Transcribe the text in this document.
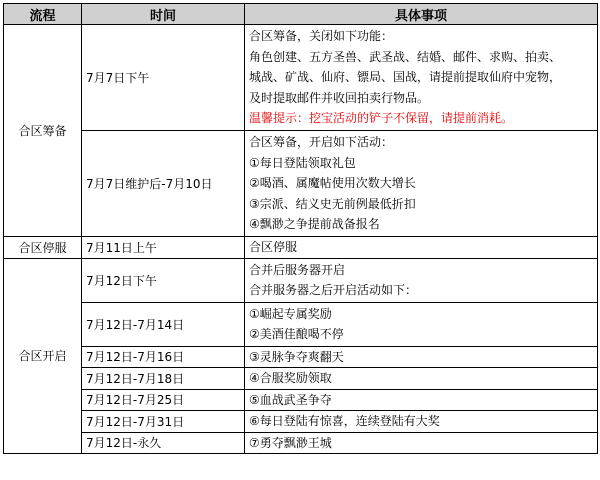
流程	时间	具体事项
合区筹备	7月7日下午	合区筹备，关闭如下功能：
角色创建、五方圣兽、武圣战、结婚、邮件、求购、拍卖、
城战、矿战、仙府、镖局、国战，请提前提取仙府中宠物，
及时提取邮件并收回拍卖行物品。
温馨提示：挖宝活动的铲子不保留，请提前消耗。

	7月7日维护后-7月10日	合区筹备，开启如下活动：
①每日登陆领取礼包
②喝酒、属魔帖使用次数大增长
③宗派、结义史无前例最低折扣
④飘渺之争提前战备报名

合区停服	7月11日上午	合区停服
合区开启	7月12日下午	合并后服务器开启
合并服务器之后开启活动如下：

	7月12日-7月14日	①崛起专属奖励
②美酒佳酿喝不停

	7月12日-7月16日	③灵脉争夺爽翻天
	7月12日-7月18日	④合服奖励领取
	7月12日-7月25日	⑤血战武圣争夺
	7月12日-7月31日	⑥每日登陆有惊喜，连续登陆有大奖
	7月12日-永久	⑦勇夺飘渺王城
